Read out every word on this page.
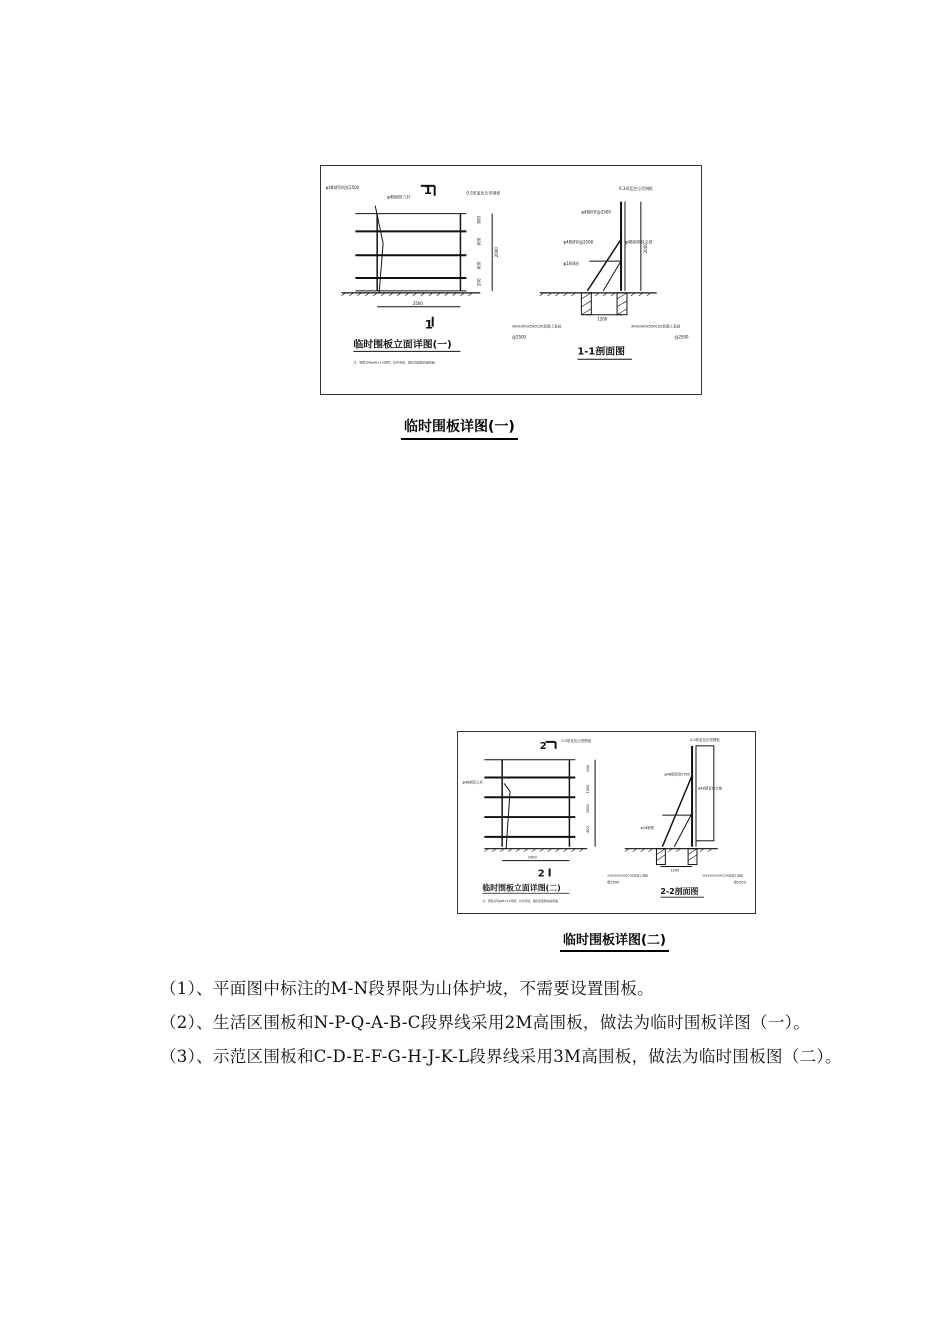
φ48钢管间距2500
φ48钢管立杆
0.3厚蓝色压型钢板
1
1
600
600
600
200
2000
2500
临时围板立面详图(一)
注：钢管采用φ48×3.5钢管，扣件连接，围挡表面刷油漆两遍。
0.3厚蓝色压型钢板
φ48钢管@2500
φ48钢管@2500	φ48钢管斜支撑
φ16钢筋
2000
1200
300x300x500C20混凝土基础	300x300x500C20混凝土基础
@2500	@2500
1-1剖面图
临时围板详图(一)
0.3厚蓝色压型钢板
φ48钢管立杆
2
2
600
1000
1000
400
2500
临时围板立面详图(二)
注：钢管采用φ48×3.5钢管，扣件连接，围挡表面刷油漆两遍。
0.3厚蓝色压型钢板
φ48钢管@2500
φ48钢管斜支撑
φ16钢筋
1200
300x300x500C20混凝土基础	300x300x500C20混凝土基础
@2500	@2500
2-2剖面图
临时围板详图(二)

（1）、平面图中标注的M-N段界限为山体护坡，不需要设置围板。

（2）、生活区围板和N-P-Q-A-B-C段界线采用2M高围板，做法为临时围板详图（一）。

（3）、示范区围板和C-D-E-F-G-H-J-K-L段界线采用3M高围板，做法为临时围板图（二）。
